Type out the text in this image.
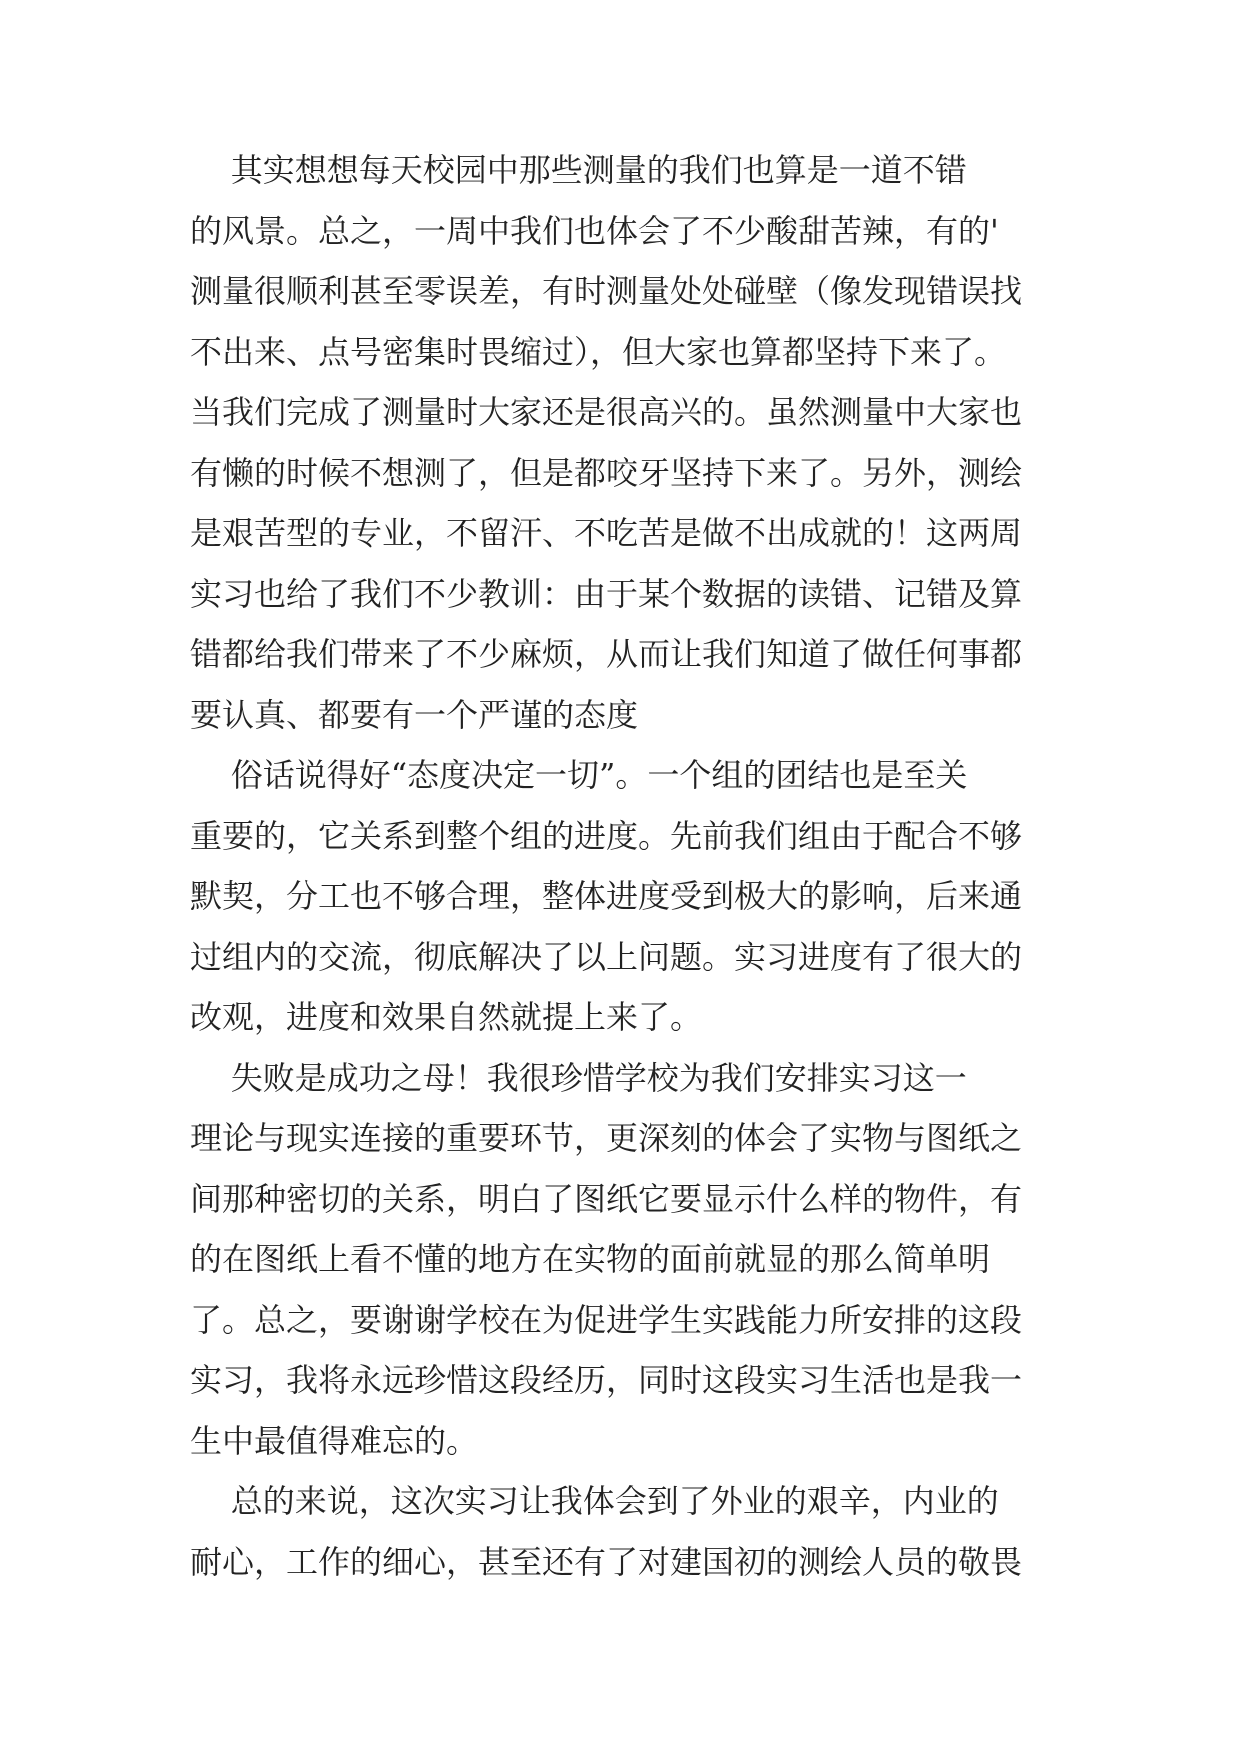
其实想想每天校园中那些测量的我们也算是一道不错
的风景。总之，一周中我们也体会了不少酸甜苦辣，有的'
测量很顺利甚至零误差，有时测量处处碰壁（像发现错误找
不出来、点号密集时畏缩过），但大家也算都坚持下来了。
当我们完成了测量时大家还是很高兴的。虽然测量中大家也
有懒的时候不想测了，但是都咬牙坚持下来了。另外，测绘
是艰苦型的专业，不留汗、不吃苦是做不出成就的！这两周
实习也给了我们不少教训：由于某个数据的读错、记错及算
错都给我们带来了不少麻烦，从而让我们知道了做任何事都
要认真、都要有一个严谨的态度
俗话说得好“态度决定一切”。一个组的团结也是至关
重要的，它关系到整个组的进度。先前我们组由于配合不够
默契，分工也不够合理，整体进度受到极大的影响，后来通
过组内的交流，彻底解决了以上问题。实习进度有了很大的
改观，进度和效果自然就提上来了。
失败是成功之母！我很珍惜学校为我们安排实习这一
理论与现实连接的重要环节，更深刻的体会了实物与图纸之
间那种密切的关系，明白了图纸它要显示什么样的物件，有
的在图纸上看不懂的地方在实物的面前就显的那么简单明
了。总之，要谢谢学校在为促进学生实践能力所安排的这段
实习，我将永远珍惜这段经历，同时这段实习生活也是我一
生中最值得难忘的。
总的来说，这次实习让我体会到了外业的艰辛，内业的
耐心，工作的细心，甚至还有了对建国初的测绘人员的敬畏
